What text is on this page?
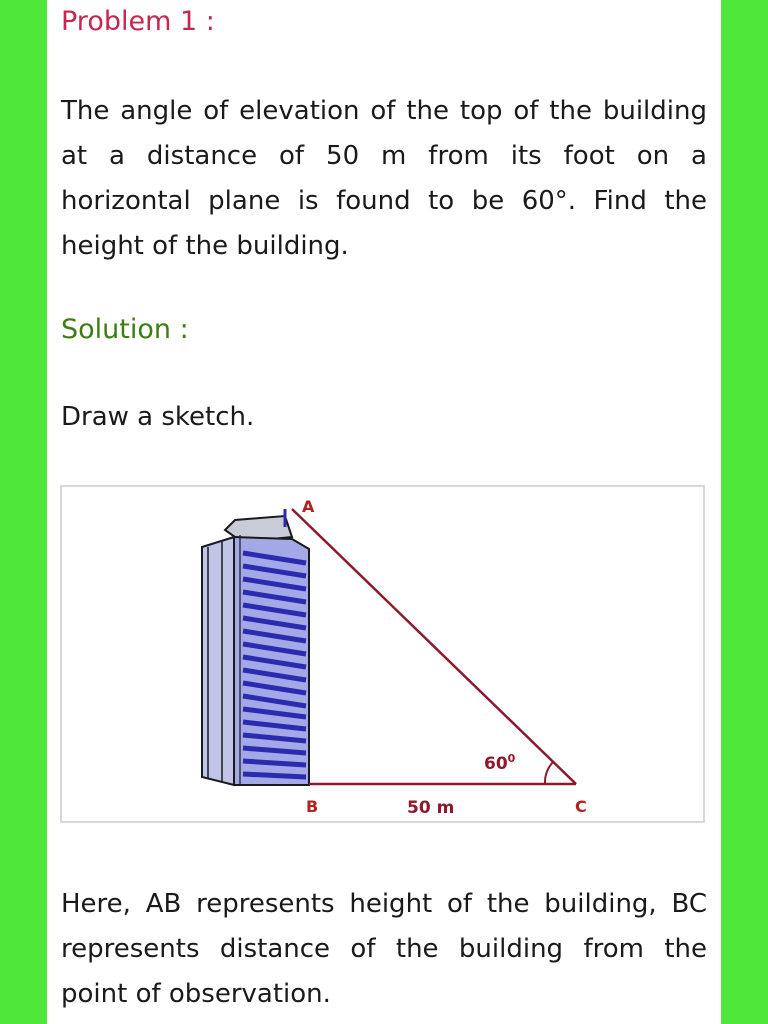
Problem 1 :
The angle of elevation of the top of the building at a distance of 50 m from its foot on a horizontal plane is found to be 60°. Find the height of the building.
Solution :
Draw a sketch.
A
B	C
50 m
$60^0$
Here, AB represents height of the building, BC represents distance of the building from the point of observation.
